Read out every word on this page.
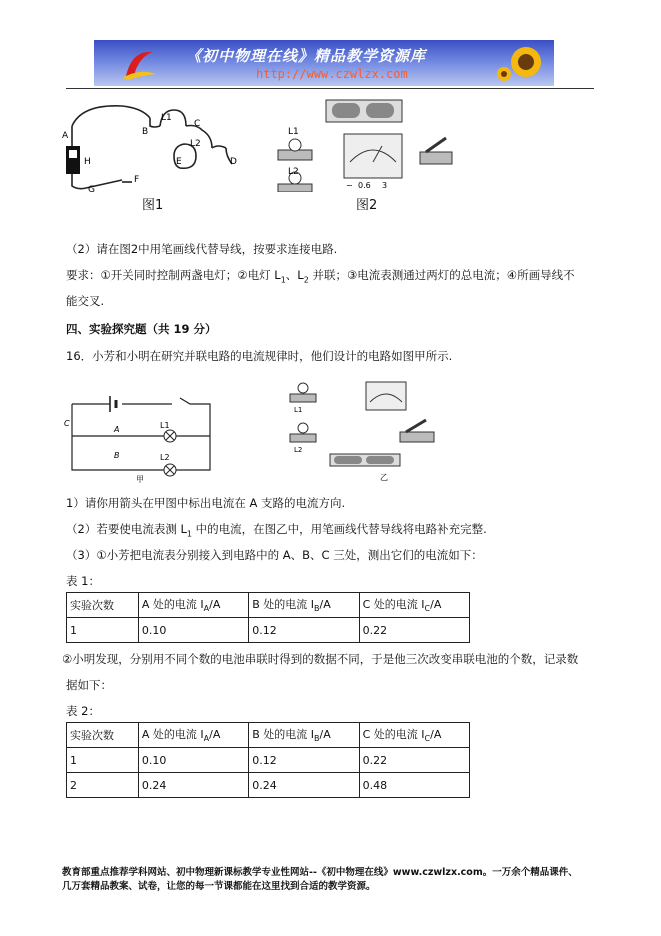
《初中物理在线》精品教学资源库
http://www.czwlzx.com
L1
L2
A	B
C
D
E
F
G
H
图1
L1
L2
− 0.6 3
图2
（2）请在图2中用笔画线代替导线，按要求连接电路.
要求：①开关同时控制两盏电灯；②电灯 $L_1$、$L_2$ 并联；③电流表测通过两灯的总电流；④所画导线不
能交叉.
四、实验探究题（共 19 分）
16．小芳和小明在研究并联电路的电流规律时，他们设计的电路如图甲所示.
C
A
B
L1
L2
甲
L1
L2
乙
1）请你用箭头在甲图中标出电流在 A 支路的电流方向.
（2）若要使电流表测 $L_1$ 中的电流，在图乙中，用笔画线代替导线将电路补充完整.
（3）①小芳把电流表分别接入到电路中的 A、B、C 三处，测出它们的电流如下：
表 1：
实验次数	A 处的电流 $I_A/A$	B 处的电流 $I_B/A$	C 处的电流 $I_C/A$
1	0.10	0.12	0.22
②小明发现，分别用不同个数的电池串联时得到的数据不同，于是他三次改变串联电池的个数，记录数
据如下：
表 2：
实验次数	A 处的电流 $I_A/A$	B 处的电流 $I_B/A$	C 处的电流 $I_C/A$
1	0.10	0.12	0.22
2	0.24	0.24	0.48
教育部重点推荐学科网站、初中物理新课标教学专业性网站--《初中物理在线》www.czwlzx.com。一万余个精品课件、
几万套精品教案、试卷，让您的每一节课都能在这里找到合适的教学资源。
